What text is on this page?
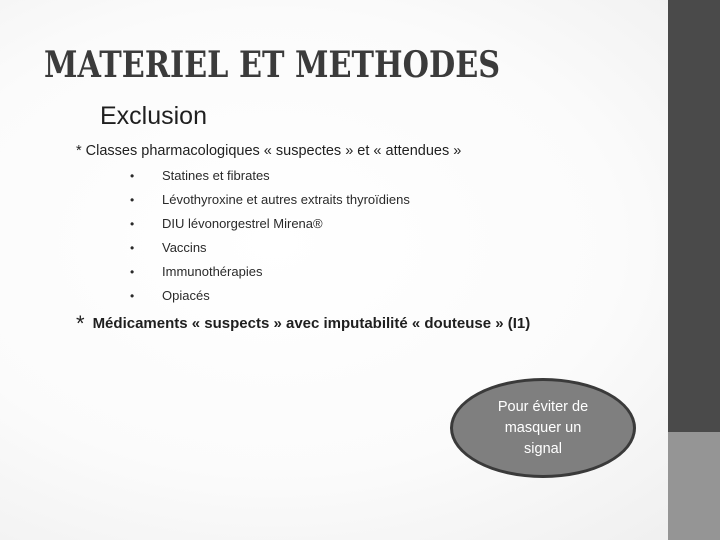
MATERIEL ET METHODES
Exclusion
* Classes pharmacologiques « suspectes » et « attendues »
• Statines et fibrates
• Lévothyroxine et autres extraits thyroïdiens
• DIU lévonorgestrel Mirena®
• Vaccins
• Immunothérapies
• Opiacés
* Médicaments « suspects » avec imputabilité « douteuse » (I1)
Pour éviter de
masquer un
signal
